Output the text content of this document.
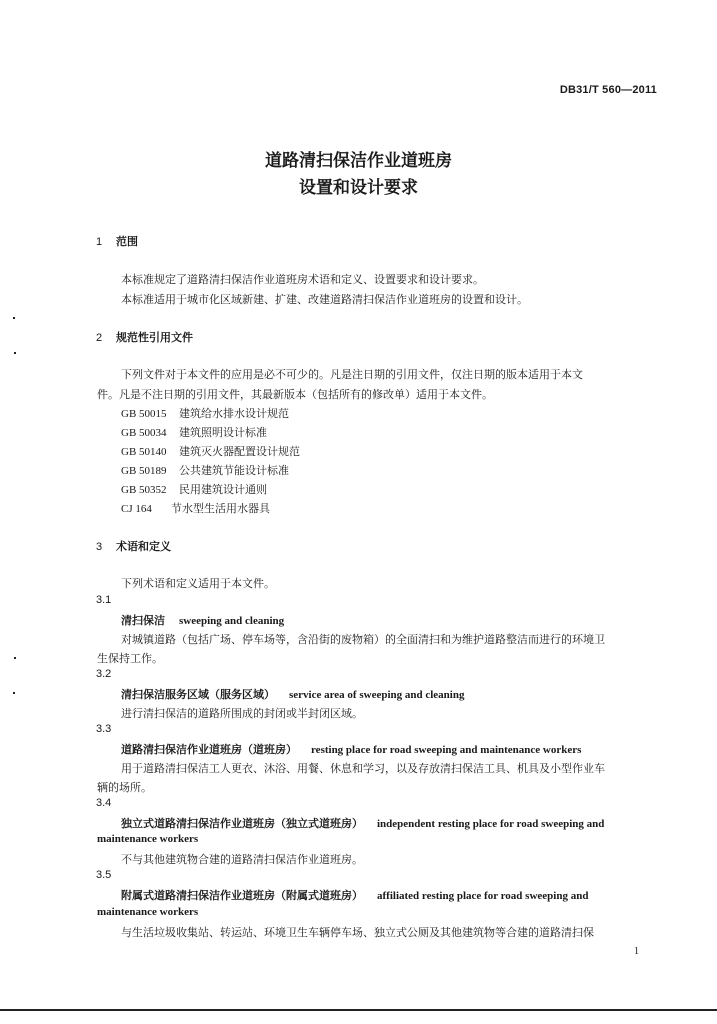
DB31/T 560—2011
道路清扫保洁作业道班房
设置和设计要求
1 范围
本标准规定了道路清扫保洁作业道班房术语和定义、设置要求和设计要求。
本标准适用于城市化区域新建、扩建、改建道路清扫保洁作业道班房的设置和设计。
2 规范性引用文件
下列文件对于本文件的应用是必不可少的。凡是注日期的引用文件，仅注日期的版本适用于本文
件。凡是不注日期的引用文件，其最新版本（包括所有的修改单）适用于本文件。
GB 50015 建筑给水排水设计规范
GB 50034 建筑照明设计标准
GB 50140 建筑灭火器配置设计规范
GB 50189 公共建筑节能设计标准
GB 50352 民用建筑设计通则
CJ 164 节水型生活用水器具
3 术语和定义
下列术语和定义适用于本文件。
3.1
清扫保洁 sweeping and cleaning
对城镇道路（包括广场、停车场等，含沿街的废物箱）的全面清扫和为维护道路整洁而进行的环境卫
生保持工作。
3.2
清扫保洁服务区域（服务区域） service area of sweeping and cleaning
进行清扫保洁的道路所围成的封闭或半封闭区域。
3.3
道路清扫保洁作业道班房（道班房） resting place for road sweeping and maintenance workers
用于道路清扫保洁工人更衣、沐浴、用餐、休息和学习，以及存放清扫保洁工具、机具及小型作业车
辆的场所。
3.4
独立式道路清扫保洁作业道班房（独立式道班房） independent resting place for road sweeping and
maintenance workers
不与其他建筑物合建的道路清扫保洁作业道班房。
3.5
附属式道路清扫保洁作业道班房（附属式道班房） affiliated resting place for road sweeping and
maintenance workers
与生活垃圾收集站、转运站、环境卫生车辆停车场、独立式公厕及其他建筑物等合建的道路清扫保
1
